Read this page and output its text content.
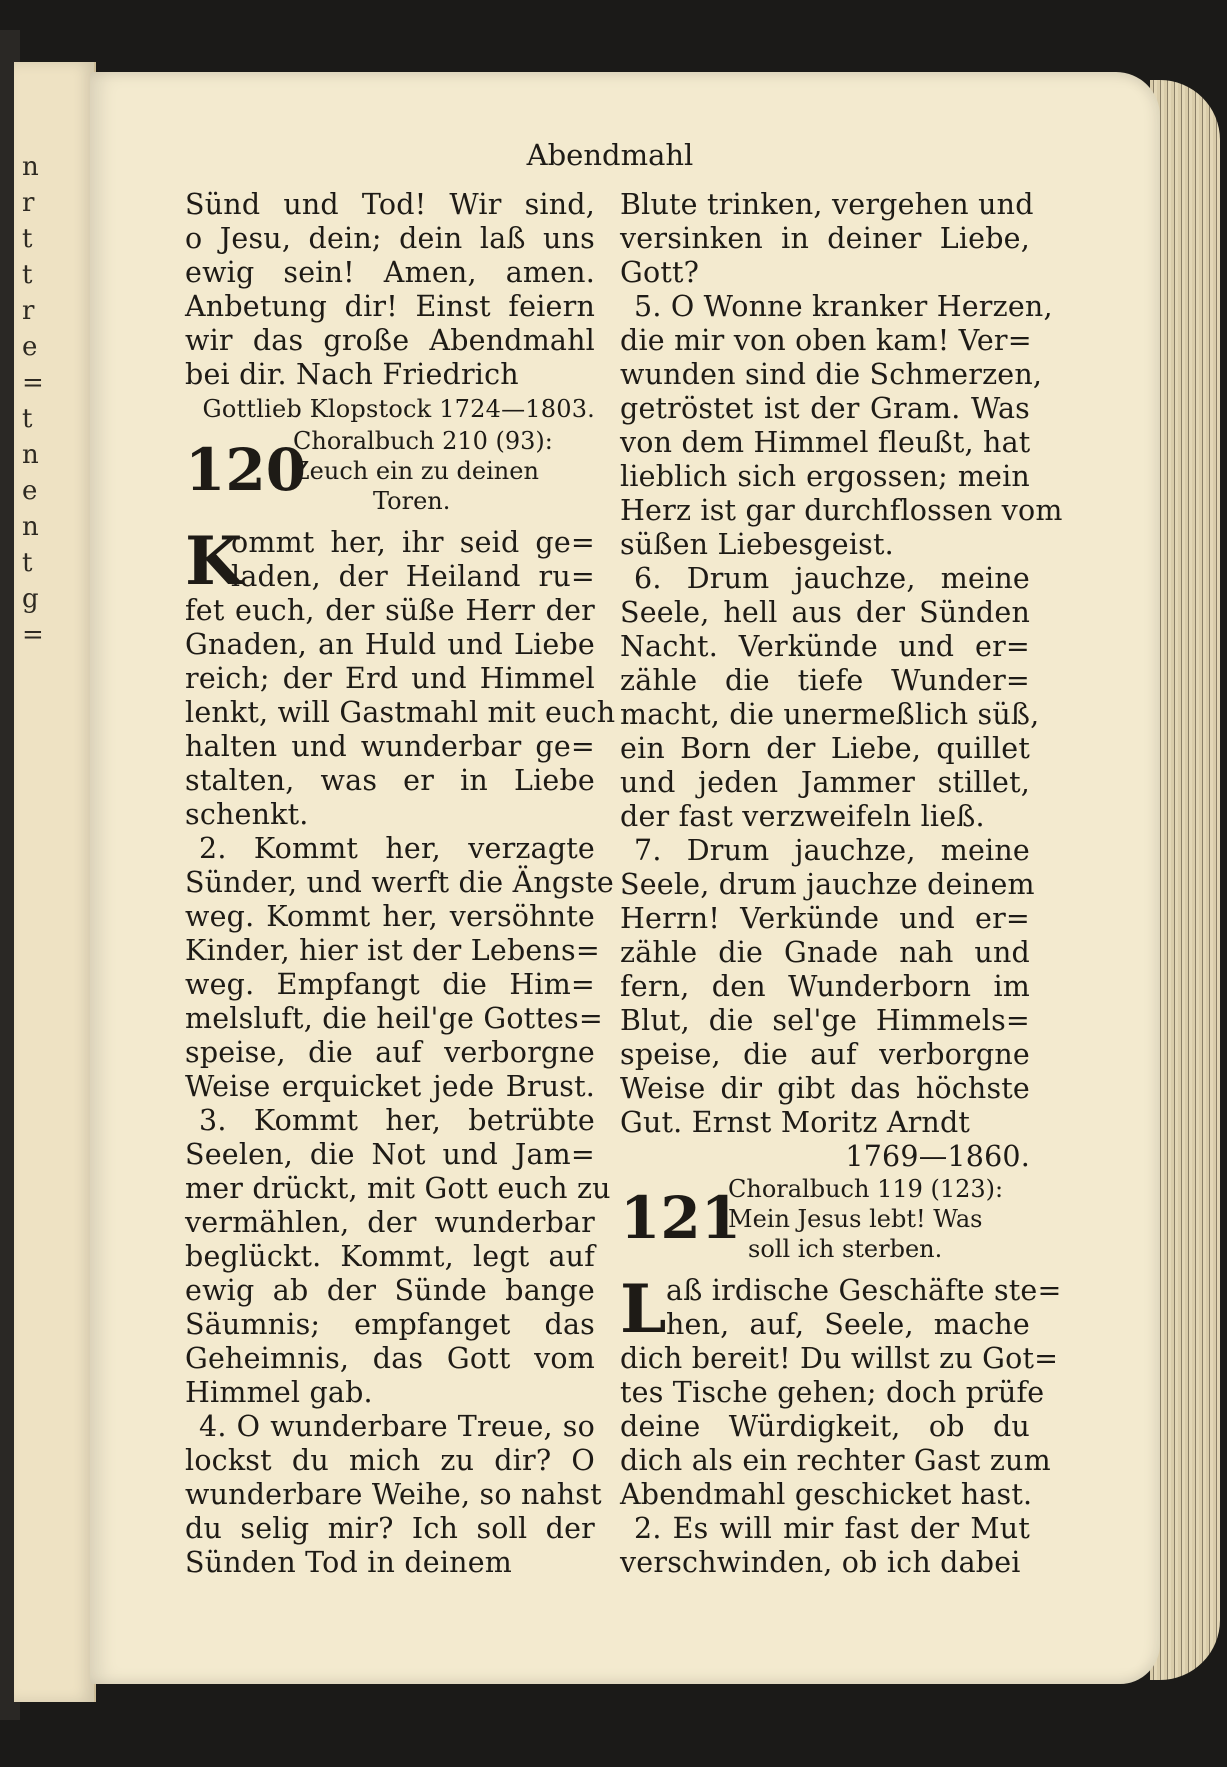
n
r
t
t
r
e
=
t
n
e
n
t
g
=
Abendmahl
Sünd und Tod! Wir sind,
o Jesu, dein; dein laß uns
ewig sein! Amen, amen.
Anbetung dir! Einst feiern
wir das große Abendmahl
bei dir. Nach Friedrich
Gottlieb Klopstock 1724—1803.
120
Choralbuch 210 (93):
Zeuch ein zu deinen
Toren.
K
ommt her, ihr seid ge=
laden, der Heiland ru=
fet euch, der süße Herr der
Gnaden, an Huld und Liebe
reich; der Erd und Himmel
lenkt, will Gastmahl mit euch
halten und wunderbar ge=
stalten, was er in Liebe
schenkt.
2. Kommt her, verzagte
Sünder, und werft die Ängste
weg. Kommt her, versöhnte
Kinder, hier ist der Lebens=
weg. Empfangt die Him=
melsluft, die heil'ge Gottes=
speise, die auf verborgne
Weise erquicket jede Brust.
3. Kommt her, betrübte
Seelen, die Not und Jam=
mer drückt, mit Gott euch zu
vermählen, der wunderbar
beglückt. Kommt, legt auf
ewig ab der Sünde bange
Säumnis; empfanget das
Geheimnis, das Gott vom
Himmel gab.
4. O wunderbare Treue, so
lockst du mich zu dir? O
wunderbare Weihe, so nahst
du selig mir? Ich soll der
Sünden Tod in deinem
Blute trinken, vergehen und
versinken in deiner Liebe,
Gott?
5. O Wonne kranker Herzen,
die mir von oben kam! Ver=
wunden sind die Schmerzen,
getröstet ist der Gram. Was
von dem Himmel fleußt, hat
lieblich sich ergossen; mein
Herz ist gar durchflossen vom
süßen Liebesgeist.
6. Drum jauchze, meine
Seele, hell aus der Sünden
Nacht. Verkünde und er=
zähle die tiefe Wunder=
macht, die unermeßlich süß,
ein Born der Liebe, quillet
und jeden Jammer stillet,
der fast verzweifeln ließ.
7. Drum jauchze, meine
Seele, drum jauchze deinem
Herrn! Verkünde und er=
zähle die Gnade nah und
fern, den Wunderborn im
Blut, die sel'ge Himmels=
speise, die auf verborgne
Weise dir gibt das höchste
Gut. Ernst Moritz Arndt
1769—1860.
121
Choralbuch 119 (123):
Mein Jesus lebt! Was
soll ich sterben.
L aß irdische Geschäfte ste=
hen, auf, Seele, mache
dich bereit! Du willst zu Got=
tes Tische gehen; doch prüfe
deine Würdigkeit, ob du
dich als ein rechter Gast zum
Abendmahl geschicket hast.
2. Es will mir fast der Mut
verschwinden, ob ich dabei
